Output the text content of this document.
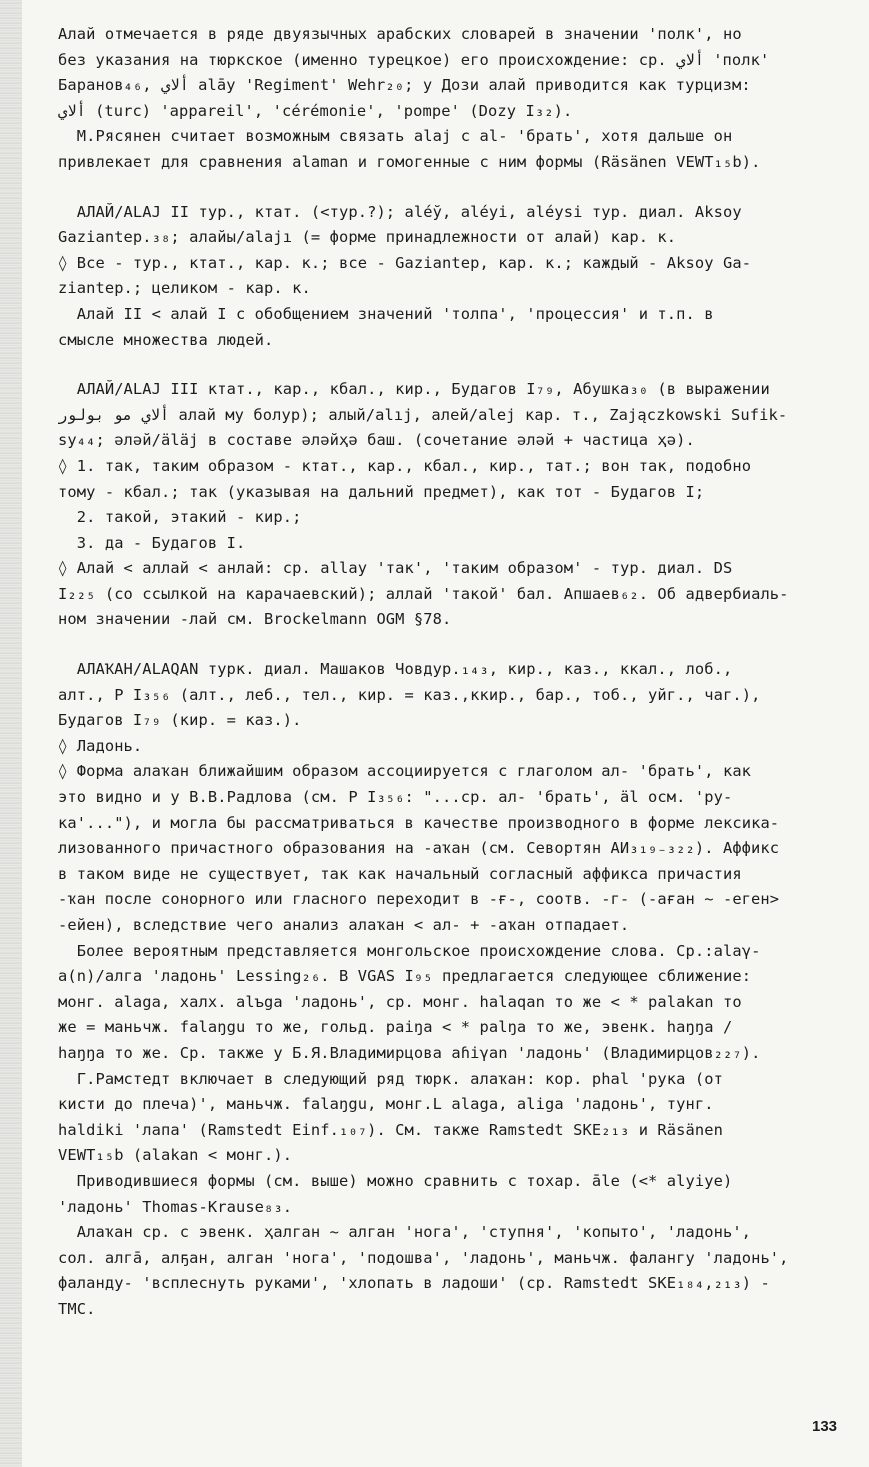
Алай отмечается в ряде двуязычных арабских словарей в значении 'полк', но
без указания на тюркское (именно турецкое) его происхождение: ср. ألاي 'полк'
Баранов₄₆, ألاي alāy 'Regiment' Wehr₂₀; у Дози алай приводится как турцизм:
ألاي (turc) 'appareil', 'cérémonie', 'pompe' (Dozy I₃₂).
М.Рясянен считает возможным связать alaj с al- 'брать', хотя дальше он
привлекает для сравнения alaman и гомогенные с ним формы (Räsänen VEWT₁₅b).
АЛАЙ/ALAJ II тур., ктат. (<тур.?); aléў, aléyi, aléysi тур. диал. Aksoy
Gaziantep.₃₈; алайы/alajı (= форме принадлежности от алай) кар. к.
◊ Все - тур., ктат., кар. к.; все - Gaziantep, кар. к.; каждый - Aksoy Ga-
ziantep.; целиком - кар. к.
Алай II < алай I с обобщением значений 'толпа', 'процессия' и т.п. в
смысле множества людей.
АЛАЙ/ALAJ III ктат., кар., кбал., кир., Будагов I₇₉, Абушка₃₀ (в выражении
ألاي مو بولور алай му болур); алый/alıj, алей/alej кар. т., Zajączkowski Sufik-
sy₄₄; әләй/äläj в составе әләйҳә баш. (сочетание әләй + частица ҳә).
◊ 1. так, таким образом - ктат., кар., кбал., кир., тат.; вон так, подобно
тому - кбал.; так (указывая на дальний предмет), как тот - Будагов I;
2. такой, этакий - кир.;
3. да - Будагов I.
◊ Алай < аллай < анлай: ср. allay 'так', 'таким образом' - тур. диал. DS
I₂₂₅ (со ссылкой на карачаевский); аллай 'такой' бал. Апшаев₆₂. Об адвербиаль-
ном значении -лай см. Brockelmann OGM §78.
АЛАҠАН/ALAQAN турк. диал. Машаков Човдур.₁₄₃, кир., каз., ккал., лоб.,
алт., Р I₃₅₆ (алт., леб., тел., кир. = каз.,ккир., бар., тоб., уйг., чаг.),
Будагов I₇₉ (кир. = каз.).
◊ Ладонь.
◊ Форма алаҡан ближайшим образом ассоциируется с глаголом ал- 'брать', как
это видно и у В.В.Радлова (см. Р I₃₅₆: "...ср. ал- 'брать', äl осм. 'ру-
ка'..."), и могла бы рассматриваться в качестве производного в форме лексика-
лизованного причастного образования на -аҡан (см. Севортян АИ₃₁₉₋₃₂₂). Аффикс
в таком виде не существует, так как начальный согласный аффикса причастия
-ҡан после сонорного или гласного переходит в -ғ-, соотв. -г- (-аған ~ -еген>
-ейен), вследствие чего анализ алаҡан < ал- + -аҡан отпадает.
Более вероятным представляется монгольское происхождение слова. Ср.:alaγ-
a(n)/алга 'ладонь' Lessing₂₆. В VGAS I₉₅ предлагается следующее сближение:
монг. alaga, халх. alъga 'ладонь', ср. монг. halaqan то же < * palakan то
же = маньчж. falaŋgu то же, гольд. paiŋa < * palŋa то же, эвенк. haŋŋa /
haŋŋa то же. Ср. также у Б.Я.Владимирцова aɦiγan 'ладонь' (Владимирцов₂₂₇).
Г.Рамстедт включает в следующий ряд тюрк. алаҡан: кор. phal 'рука (от
кисти до плеча)', маньчж. falaŋgu, монг.L alaga, aliga 'ладонь', тунг.
haldiki 'лапа' (Ramstedt Einf.₁₀₇). См. также Ramstedt SKE₂₁₃ и Räsänen
VEWT₁₅b (alakan < монг.).
Приводившиеся формы (см. выше) можно сравнить с тохар. āle (<* alyiye)
'ладонь' Thomas-Krause₈₃.
Алаҡан ср. с эвенк. ҳалган ~ алган 'нога', 'ступня', 'копыто', 'ладонь',
сол. алгā, алҕан, алган 'нога', 'подошва', 'ладонь', маньчж. фалангу 'ладонь',
фаланду- 'всплеснуть руками', 'хлопать в ладоши' (ср. Ramstedt SKE₁₈₄,₂₁₃) -
ТМС.
133
